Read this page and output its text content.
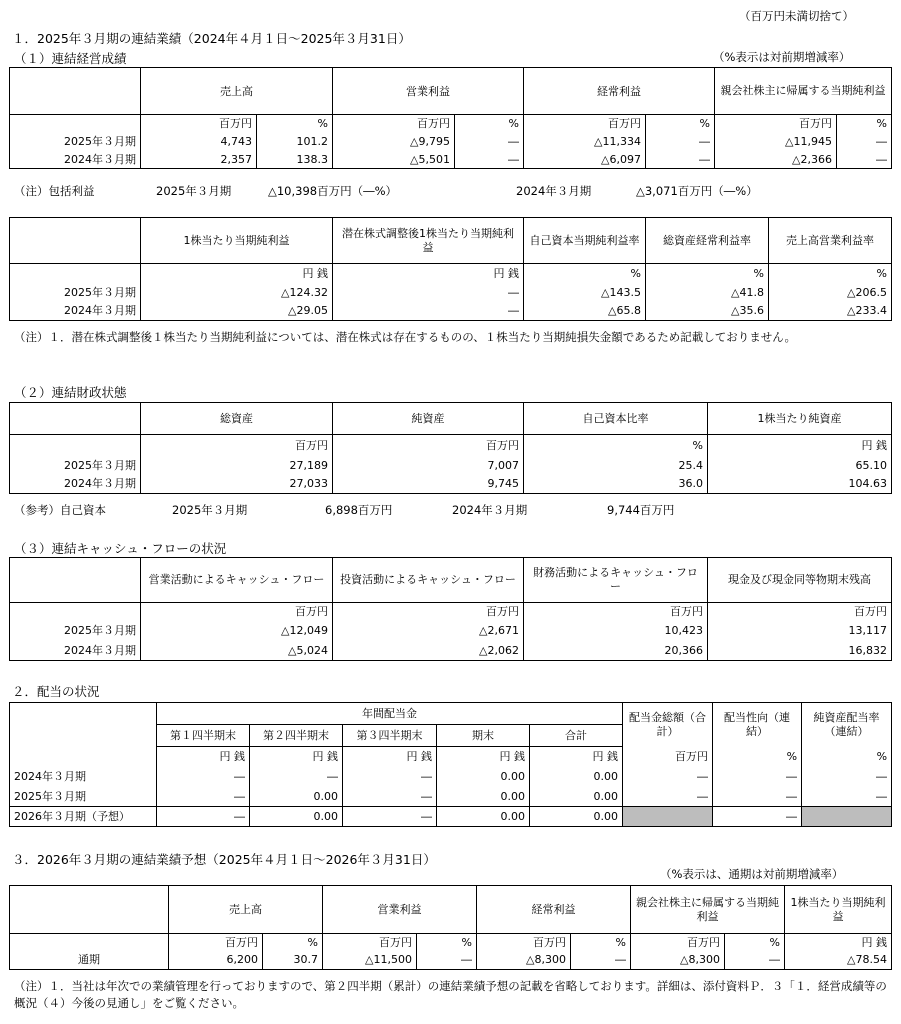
（百万円未満切捨て）
１．2025年３月期の連結業績（2024年４月１日～2025年３月31日）
（１）連結経営成績	（%表示は対前期増減率）
	売上高		営業利益		経常利益		親会社株主に帰属する当期純利益	
	百万円	%	百万円	%	百万円	%	百万円	%
2025年３月期	4,743	101.2	△9,795	―	△11,334	―	△11,945	―
2024年３月期	2,357	138.3	△5,501	―	△6,097	―	△2,366	―
（注）包括利益	2025年３月期	△10,398百万円（―%）	2024年３月期	△3,071百万円（―%）
	1株当たり当期純利益	潜在株式調整後1株当たり当期純利益	自己資本当期純利益率	総資産経常利益率	売上高営業利益率
	円 銭	円 銭	%	%	%
2025年３月期	△124.32	―	△143.5	△41.8	△206.5
2024年３月期	△29.05	―	△65.8	△35.6	△233.4
（注）１．潜在株式調整後１株当たり当期純利益については、潜在株式は存在するものの、１株当たり当期純損失金額であるため記載しておりません。
（２）連結財政状態
	総資産	純資産	自己資本比率	1株当たり純資産
	百万円	百万円	%	円 銭
2025年３月期	27,189	7,007	25.4	65.10
2024年３月期	27,033	9,745	36.0	104.63
（参考）自己資本	2025年３月期	6,898百万円	2024年３月期	9,744百万円
（３）連結キャッシュ・フローの状況
	営業活動によるキャッシュ・フロー	投資活動によるキャッシュ・フロー	財務活動によるキャッシュ・フロー	現金及び現金同等物期末残高
	百万円	百万円	百万円	百万円
2025年３月期	△12,049	△2,671	10,423	13,117
2024年３月期	△5,024	△2,062	20,366	16,832
２．配当の状況
	年間配当金					配当金総額（合計）	配当性向（連結）	純資産配当率（連結）
	第１四半期末	第２四半期末	第３四半期末	期末	合計			
	円 銭	円 銭	円 銭	円 銭	円 銭	百万円	%	%
2024年３月期	―	―	―	0.00	0.00	―	―	―
2025年３月期	―	0.00	―	0.00	0.00	―	―	―
2026年３月期（予想）	―	0.00	―	0.00	0.00		―	
３．2026年３月期の連結業績予想（2025年４月１日～2026年３月31日）
（%表示は、通期は対前期増減率）
	売上高		営業利益		経常利益		親会社株主に帰属する当期純利益		1株当たり当期純利益
	百万円	%	百万円	%	百万円	%	百万円	%	円 銭
通期	6,200	30.7	△11,500	―	△8,300	―	△8,300	―	△78.54
（注）１．当社は年次での業績管理を行っておりますので、第２四半期（累計）の連結業績予想の記載を省略しております。詳細は、添付資料Ｐ．３「１．経営成績等の概況（４）今後の見通し」をご覧ください。
